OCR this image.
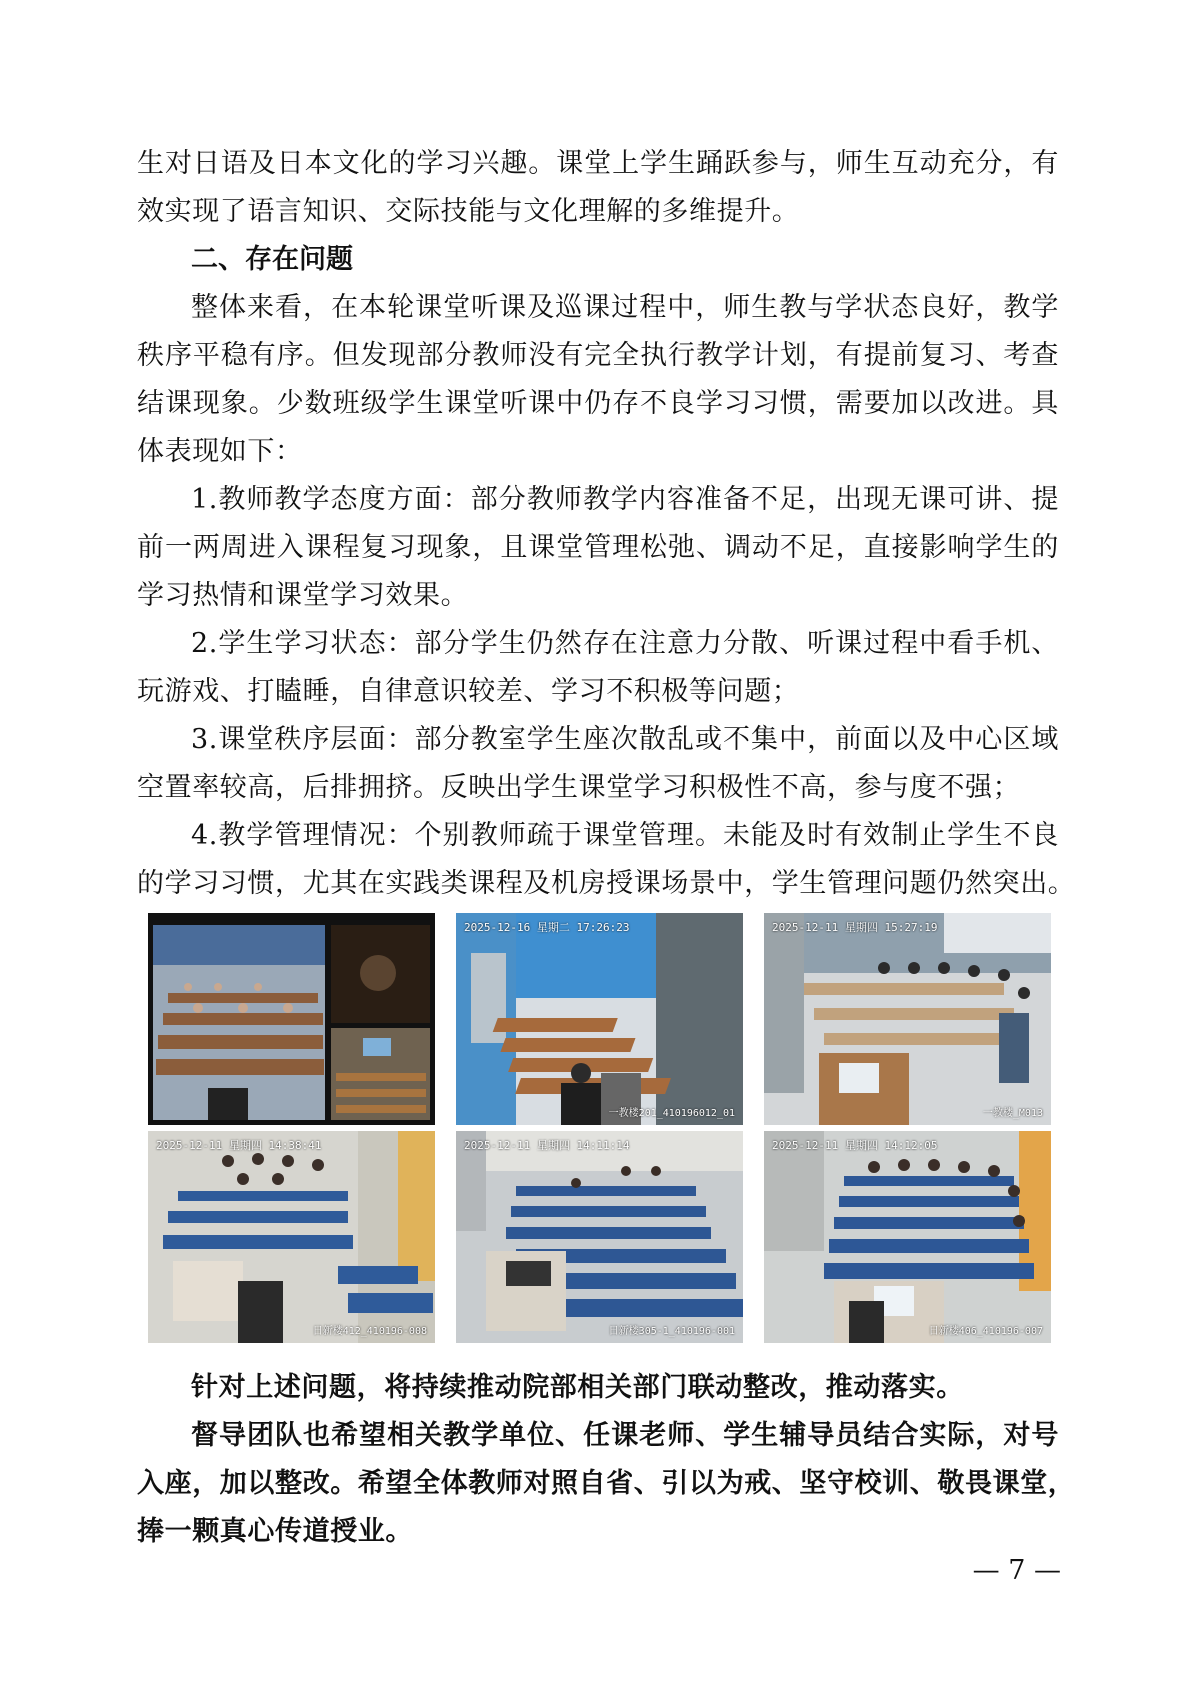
生对日语及日本文化的学习兴趣。课堂上学生踊跃参与，师生互动充分，有
效实现了语言知识、交际技能与文化理解的多维提升。
二、存在问题
整体来看，在本轮课堂听课及巡课过程中，师生教与学状态良好，教学
秩序平稳有序。但发现部分教师没有完全执行教学计划，有提前复习、考查
结课现象。少数班级学生课堂听课中仍存不良学习习惯，需要加以改进。具
体表现如下：
1.教师教学态度方面：部分教师教学内容准备不足，出现无课可讲、提
前一两周进入课程复习现象，且课堂管理松弛、调动不足，直接影响学生的
学习热情和课堂学习效果。
2.学生学习状态：部分学生仍然存在注意力分散、听课过程中看手机、
玩游戏、打瞌睡，自律意识较差、学习不积极等问题；
3.课堂秩序层面：部分教室学生座次散乱或不集中，前面以及中心区域
空置率较高，后排拥挤。反映出学生课堂学习积极性不高，参与度不强；
4.教学管理情况：个别教师疏于课堂管理。未能及时有效制止学生不良
的学习习惯，尤其在实践类课程及机房授课场景中，学生管理问题仍然突出。
2025-12-16 星期二 17:26:23
一教楼201_410196012_01
2025-12-11 星期四 15:27:19
一教楼_M013
2025-12-11 星期四 14:38:41
日新楼412_410196-008
2025-12-11 星期四 14:11:14
日新楼305-1_410196-001
2025-12-11 星期四 14:12:05
日新楼406_410196-007
针对上述问题，将持续推动院部相关部门联动整改，推动落实。
督导团队也希望相关教学单位、任课老师、学生辅导员结合实际，对号
入座，加以整改。希望全体教师对照自省、引以为戒、坚守校训、敬畏课堂，
捧一颗真心传道授业。
— 7 —
